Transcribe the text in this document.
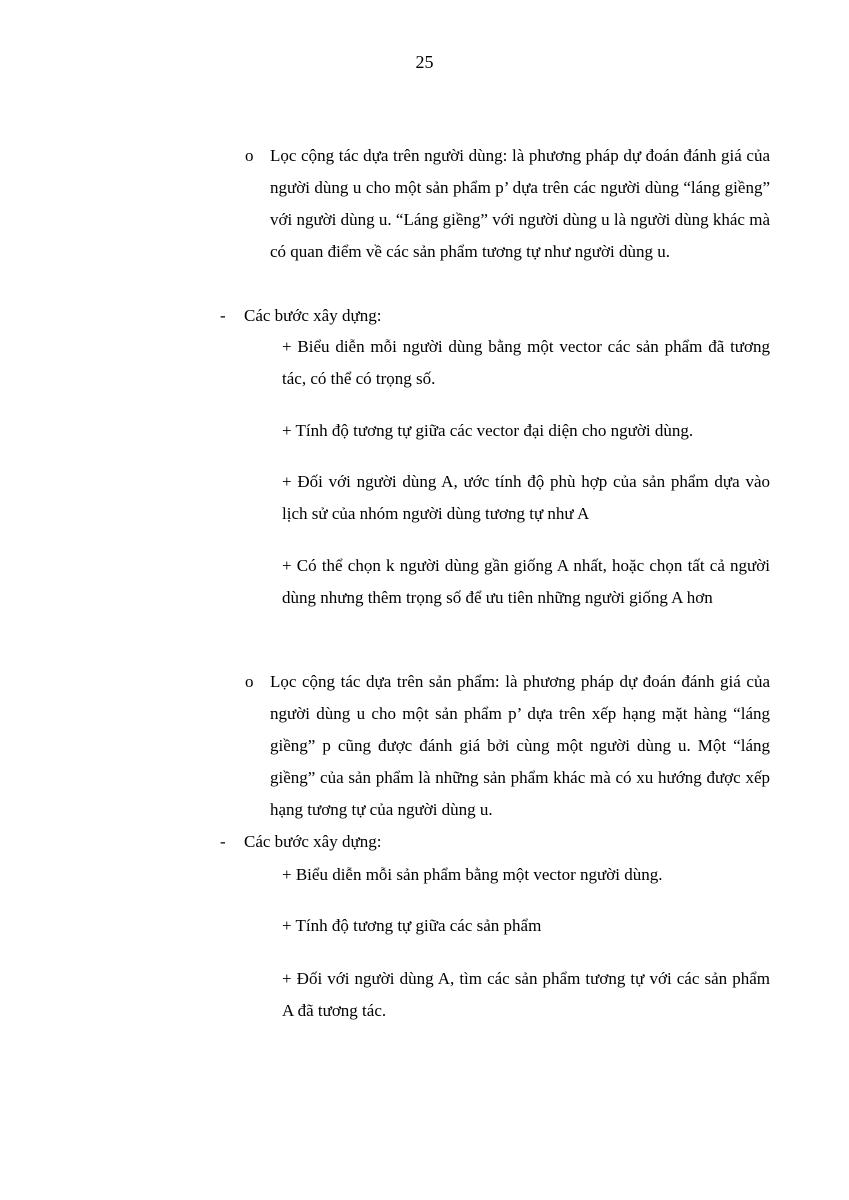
25
o Lọc cộng tác dựa trên người dùng: là phương pháp dự đoán đánh giá của người dùng u cho một sản phẩm p’ dựa trên các người dùng “láng giềng” với người dùng u. “Láng giềng” với người dùng u là người dùng khác mà có quan điểm về các sản phẩm tương tự như người dùng u.

- Các bước xây dựng:
+ Biểu diễn mỗi người dùng bằng một vector các sản phẩm đã tương tác, có thể có trọng số.
+ Tính độ tương tự giữa các vector đại diện cho người dùng.
+ Đối với người dùng A, ước tính độ phù hợp của sản phẩm dựa vào lịch sử của nhóm người dùng tương tự như A
+ Có thể chọn k người dùng gần giống A nhất, hoặc chọn tất cả người dùng nhưng thêm trọng số để ưu tiên những người giống A hơn
o Lọc cộng tác dựa trên sản phẩm: là phương pháp dự đoán đánh giá của người dùng u cho một sản phẩm p’ dựa trên xếp hạng mặt hàng “láng giềng” p cũng được đánh giá bởi cùng một người dùng u. Một “láng giềng” của sản phẩm là những sản phẩm khác mà có xu hướng được xếp hạng tương tự của người dùng u.

- Các bước xây dựng:
+ Biểu diễn mỗi sản phẩm bằng một vector người dùng.
+ Tính độ tương tự giữa các sản phẩm
+ Đối với người dùng A, tìm các sản phẩm tương tự với các sản phẩm A đã tương tác.
